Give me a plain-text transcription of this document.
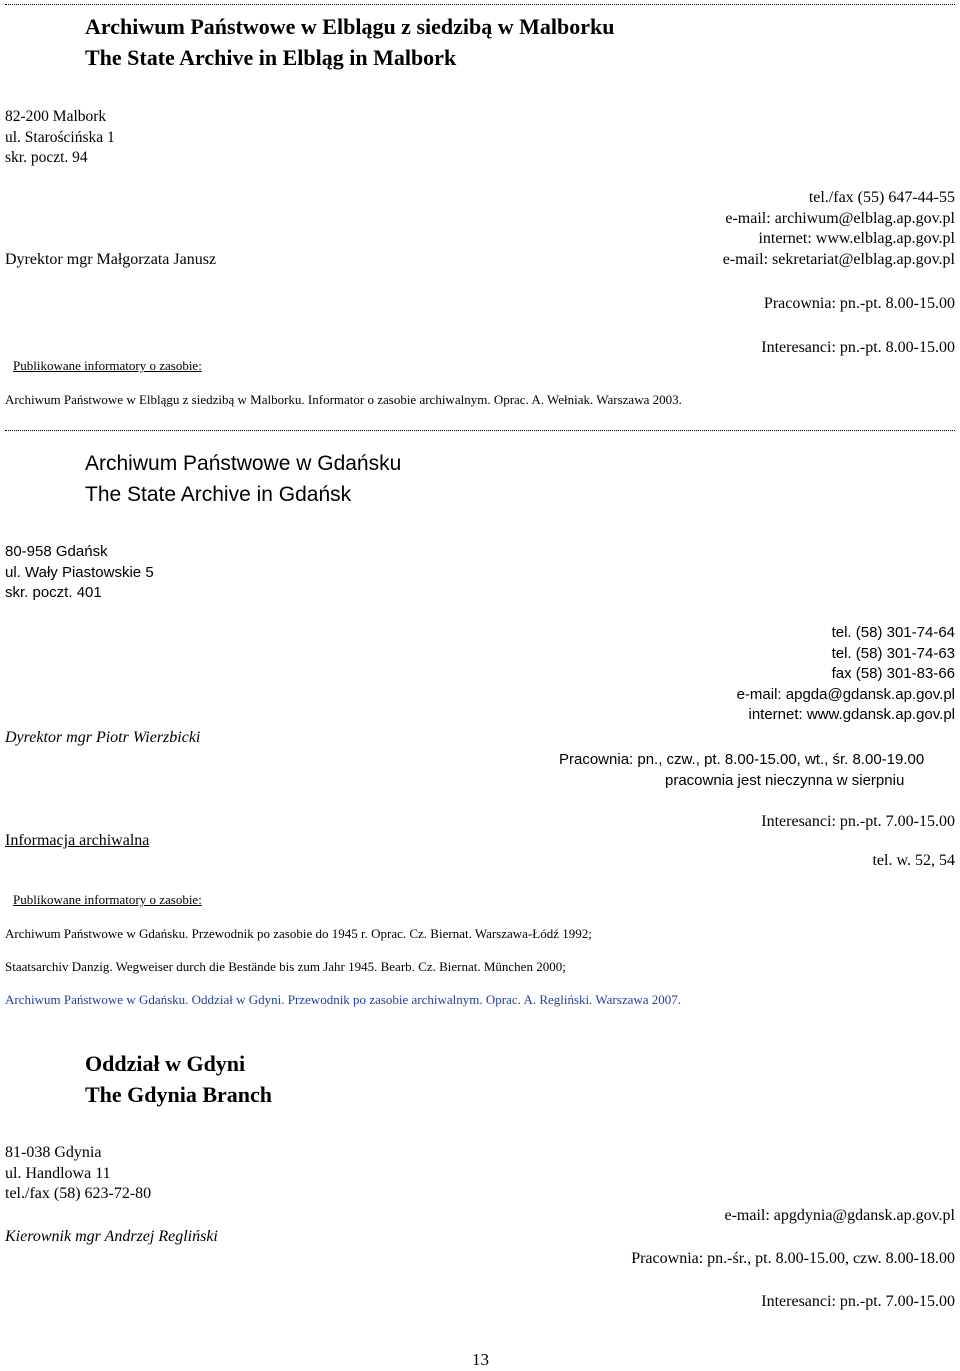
Archiwum Państwowe w Elblągu z siedzibą w Malborku
The State Archive in Elbląg in Malbork
82-200 Malbork
ul. Starościńska 1
skr. poczt. 94
tel./fax (55) 647-44-55
e-mail: archiwum@elblag.ap.gov.pl
internet: www.elblag.ap.gov.pl
e-mail: sekretariat@elblag.ap.gov.pl
Dyrektor mgr Małgorzata Janusz
Pracownia: pn.-pt. 8.00-15.00
Interesanci: pn.-pt. 8.00-15.00
Publikowane informatory o zasobie:
Archiwum Państwowe w Elblągu z siedzibą w Malborku. Informator o zasobie archiwalnym. Oprac. A. Wełniak. Warszawa 2003.
Archiwum Państwowe w Gdańsku
The State Archive in Gdańsk
80-958 Gdańsk
ul. Wały Piastowskie 5
skr. poczt. 401
tel. (58) 301-74-64
tel. (58) 301-74-63
fax (58) 301-83-66
e-mail: apgda@gdansk.ap.gov.pl
internet: www.gdansk.ap.gov.pl
Dyrektor mgr Piotr Wierzbicki
Pracownia: pn., czw., pt. 8.00-15.00, wt., śr. 8.00-19.00
pracownia jest nieczynna w sierpniu
Interesanci: pn.-pt. 7.00-15.00
Informacja archiwalna
tel. w. 52, 54
Publikowane informatory o zasobie:
Archiwum Państwowe w Gdańsku. Przewodnik po zasobie do 1945 r. Oprac. Cz. Biernat. Warszawa-Łódź 1992;
Staatsarchiv Danzig. Wegweiser durch die Bestände bis zum Jahr 1945. Bearb. Cz. Biernat. München 2000;
Archiwum Państwowe w Gdańsku. Oddział w Gdyni. Przewodnik po zasobie archiwalnym. Oprac. A. Regliński. Warszawa 2007.
Oddział w Gdyni
The Gdynia Branch
81-038 Gdynia
ul. Handlowa 11
tel./fax (58) 623-72-80
e-mail: apgdynia@gdansk.ap.gov.pl
Kierownik mgr Andrzej Regliński
Pracownia: pn.-śr., pt. 8.00-15.00, czw. 8.00-18.00
Interesanci: pn.-pt. 7.00-15.00
13
